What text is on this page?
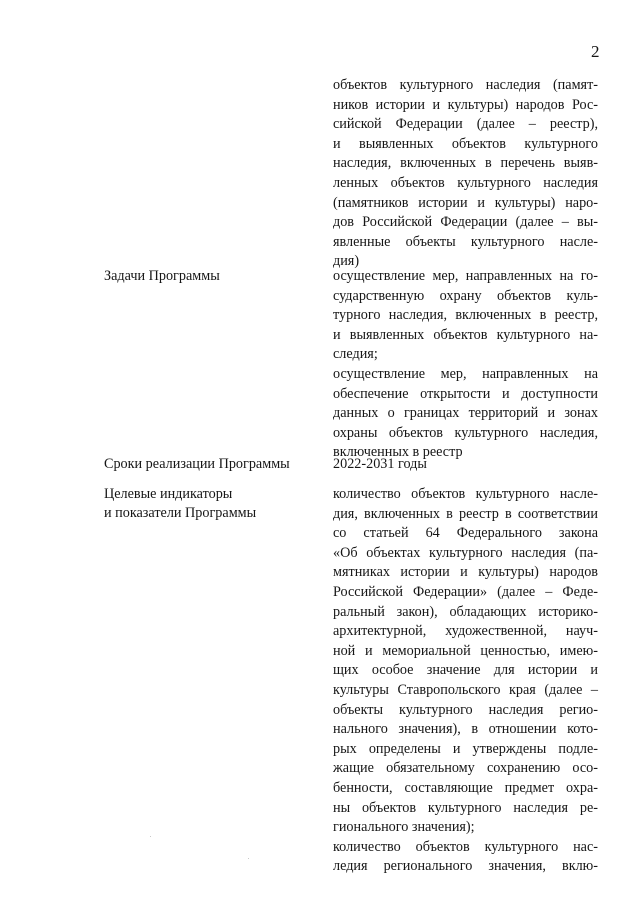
2
объектов культурного наследия (памят-
ников истории и культуры) народов Рос-
сийской Федерации (далее – реестр),
и выявленных объектов культурного
наследия, включенных в перечень выяв-
ленных объектов культурного наследия
(памятников истории и культуры) наро-
дов Российской Федерации (далее – вы-
явленные объекты культурного насле-
дия)
Задачи Программы	осуществление мер, направленных на го-
сударственную охрану объектов куль-
турного наследия, включенных в реестр,
и выявленных объектов культурного на-
следия;
осуществление мер, направленных на
обеспечение открытости и доступности
данных о границах территорий и зонах
охраны объектов культурного наследия,
включенных в реестр
Сроки реализации Программы	2022-2031 годы
Целевые индикаторы
и показатели Программы
количество объектов культурного насле-
дия, включенных в реестр в соответствии
со статьей 64 Федерального закона
«Об объектах культурного наследия (па-
мятниках истории и культуры) народов
Российской Федерации» (далее – Феде-
ральный закон), обладающих историко-
архитектурной, художественной, науч-
ной и мемориальной ценностью, имею-
щих особое значение для истории и
культуры Ставропольского края (далее –
объекты культурного наследия регио-
нального значения), в отношении кото-
рых определены и утверждены подле-
жащие обязательному сохранению осо-
бенности, составляющие предмет охра-
ны объектов культурного наследия ре-
гионального значения);
количество объектов культурного нас-
ледия регионального значения, вклю-
